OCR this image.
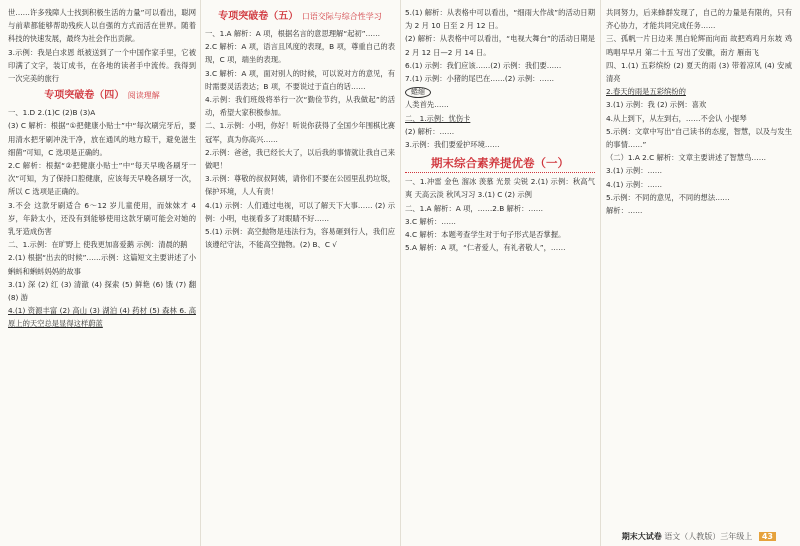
世……许多残障人士找到积极生活的力量”可以看出，聪网与前辈都能够帮助残疾人以自强的方式而活在世界。随着科技的快速发展，最终为社会作出贡献。

3.示例：我是白求恩 纸被送到了一个中国作家手里，它被印满了文字，装订成书，在各地的读者手中流传。我得到一次完美的旅行

专项突破卷（四） 阅读理解

一、1.D 2.(1)C (2)B (3)A

(3) C 解析：根据“①把健康小贴士”中“每次刷完牙后，要用清水把牙刷冲洗干净，放在通风的地方晾干，避免滋生细菌”可知，C 选项是正确的。

2.C 解析：根据“②把健康小贴士”中“每天早晚各刷牙一次”可知，为了保持口腔健康，应该每天早晚各刷牙一次，所以 C 选项是正确的。

3.不会 这款牙刷适合 6～12 岁儿童使用，而妹妹才 4 岁，年龄太小，还没有到能够使用这款牙刷可能会对她的乳牙造成伤害

二、1.示例：在旷野上 使我更加喜爱鹅 示例：清晨的鹅

2.(1) 根据“出去的时候”……示例：这篇短文主要讲述了小蝌蚪和蝌蚪妈妈的故事

3.(1) 深 (2) 红 (3) 清澈 (4) 探索 (5) 鲜艳 (6) 饿 (7) 翻 (8) 游

4.(1) 资源丰富 (2) 高山 (3) 湖泊 (4) 药材 (5) 森林 6. 高原上的天空总是显得这样蔚蓝

专项突破卷（五） 口语交际与综合性学习

一、1.A 解析：A 项，根据名言的意思理解“起初”……

2.C 解析：A 项，语言且风度的表现，B 项，尊重自己的表现，C 项，端坐的表现。

3.C 解析：A 项，面对别人的时候，可以说对方的意见，有时需要灵活表达；B 项，不要说过于直白的话……

4.示例：我们班级将举行一次“勤俭节约，从我做起”的活动，希望大家积极参加。

二、1.示例：小明，你好！听说你获得了全国少年围棋比赛冠军，真为你高兴……

2.示例：爸爸，我已经长大了，以后我的事情就让我自己来做吧！

3.示例：尊敬的叔叔阿姨，请你们不要在公园里乱扔垃圾，保护环境，人人有责！

4.(1) 示例：人们通过电视，可以了解天下大事…… (2) 示例：小明，电视看多了对眼睛不好……

5.(1) 示例：高空抛物是违法行为，容易砸到行人，我们应该遵纪守法，不能高空抛物。(2) B、C √

5.(1) 解析：从表格中可以看出，“细雨大作战”的活动日期为 2 月 10 日至 2 月 12 日。

(2) 解析：从表格中可以看出，“电视大舞台”的活动日期是 2 月 12 日—2 月 14 日。

6.(1) 示例：我们应该……(2) 示例：我们要……

7.(1) 示例：小猪的尾巴在……(2) 示例：……

蜷缩

人类首先……

二、1.示例：忧伤卡

(2) 解析：……

3.示例：我们要爱护环境……

期末综合素养提优卷（一）

一、1.冲雷 金色 溜冰 羡慕 光景 尖锐 2.(1) 示例：秋高气爽 天高云淡 秋风习习 3.(1) C (2) 示例

二、1.A 解析：A 项，……2.B 解析：……

3.C 解析：……

4.C 解析：本题考查学生对于句子形式是否掌握。

5.A 解析：A 项，“仁者爱人，有礼者敬人”，……

共同努力，后来蜂群发现了，自己的力量是有限的，只有齐心协力，才能共同完成任务……

三、孤帆一片日边来 黑白轮辉而向而 故把鸡鸡月东坡 鸡鸣唱早早月 第二十五 写出了安徽，南方 雁南飞

四、1.(1) 五彩缤纷 (2) 夏天的雨 (3) 带着凉风 (4) 安威清亮

2.春天的雨是五彩缤纷的

3.(1) 示例：我 (2) 示例：喜欢

4.从上到下，从左到右，……不会认 小提琴

5.示例：文章中写出“自己读书的态度，智慧，以及与发生的事情……”

（二）1.A 2.C 解析：文章主要讲述了智慧鸟……

3.(1) 示例：……

4.(1) 示例：……

5.示例：不同的意见，不同的想法……

解析：……

期末大试卷 语文（人教版）三年级上 43
